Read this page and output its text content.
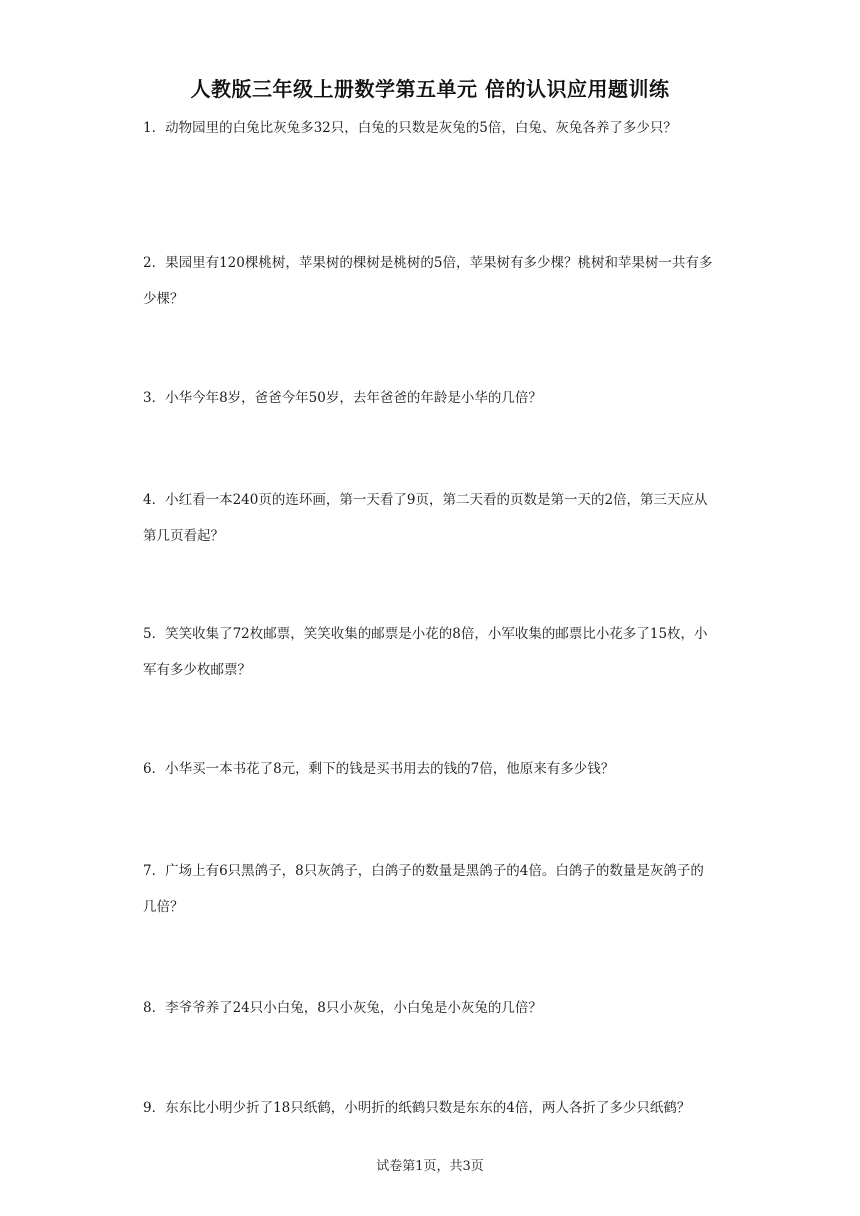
人教版三年级上册数学第五单元 倍的认识应用题训练
1．动物园里的白兔比灰兔多32只，白兔的只数是灰兔的5倍，白兔、灰兔各养了多少只？
2．果园里有120棵桃树，苹果树的棵树是桃树的5倍，苹果树有多少棵？桃树和苹果树一共有多少棵？
3．小华今年8岁，爸爸今年50岁，去年爸爸的年龄是小华的几倍？
4．小红看一本240页的连环画，第一天看了9页，第二天看的页数是第一天的2倍，第三天应从第几页看起？
5．笑笑收集了72枚邮票，笑笑收集的邮票是小花的8倍，小军收集的邮票比小花多了15枚，小军有多少枚邮票？
6．小华买一本书花了8元，剩下的钱是买书用去的钱的7倍，他原来有多少钱？
7．广场上有6只黑鸽子，8只灰鸽子，白鸽子的数量是黑鸽子的4倍。白鸽子的数量是灰鸽子的几倍？
8．李爷爷养了24只小白兔，8只小灰兔，小白兔是小灰兔的几倍？
9．东东比小明少折了18只纸鹤，小明折的纸鹤只数是东东的4倍，两人各折了多少只纸鹤？
试卷第1页，共3页
